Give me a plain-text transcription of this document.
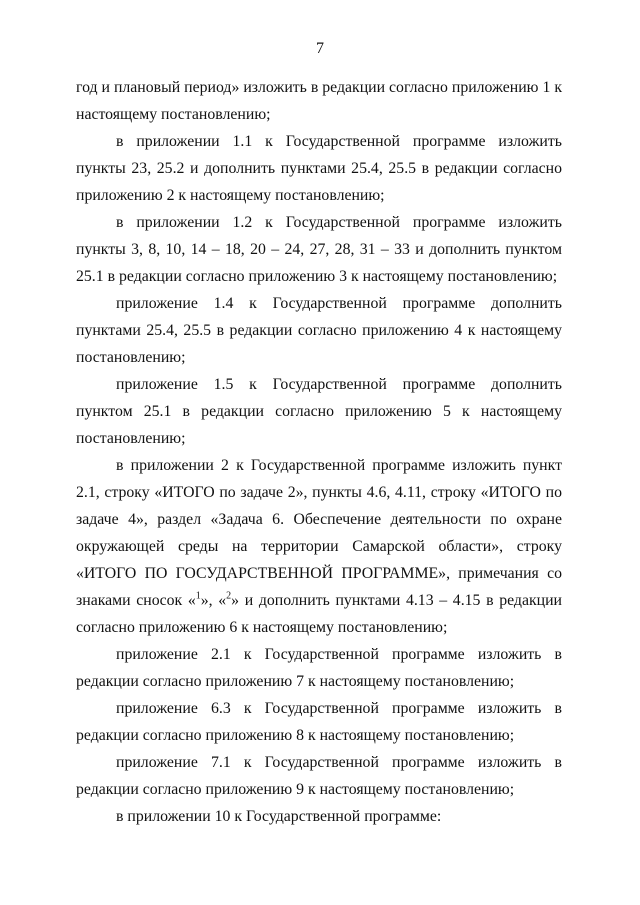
7

год и плановый период» изложить в редакции согласно приложению 1 к настоящему постановлению;

в приложении 1.1 к Государственной программе изложить пункты 23, 25.2 и дополнить пунктами 25.4, 25.5 в редакции согласно приложению 2 к настоящему постановлению;

в приложении 1.2 к Государственной программе изложить пункты 3, 8, 10, 14 – 18, 20 – 24, 27, 28, 31 – 33 и дополнить пунктом 25.1 в редакции согласно приложению 3 к настоящему постановлению;

приложение 1.4 к Государственной программе дополнить пунктами 25.4, 25.5 в редакции согласно приложению 4 к настоящему постановлению;

приложение 1.5 к Государственной программе дополнить пунктом 25.1 в редакции согласно приложению 5 к настоящему постановлению;

в приложении 2 к Государственной программе изложить пункт 2.1, строку «ИТОГО по задаче 2», пункты 4.6, 4.11, строку «ИТОГО по задаче 4», раздел «Задача 6. Обеспечение деятельности по охране окружающей среды на территории Самарской области», строку «ИТОГО ПО ГОСУДАРСТВЕННОЙ ПРОГРАММЕ», примечания со знаками сноcок «$^1$», «$^2$» и дополнить пунктами 4.13 – 4.15 в редакции согласно приложению 6 к настоящему постановлению;

приложение 2.1 к Государственной программе изложить в редакции согласно приложению 7 к настоящему постановлению;

приложение 6.3 к Государственной программе изложить в редакции согласно приложению 8 к настоящему постановлению;

приложение 7.1 к Государственной программе изложить в редакции согласно приложению 9 к настоящему постановлению;

в приложении 10 к Государственной программе:
